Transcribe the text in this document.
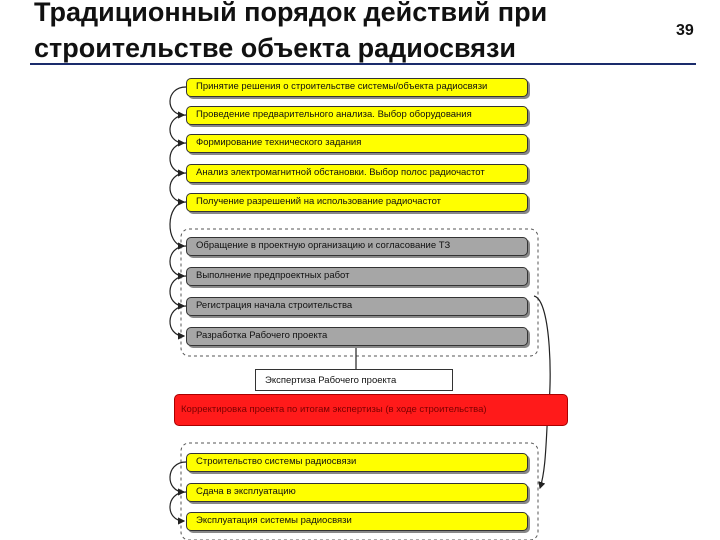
Традиционный порядок действий при
строительстве объекта радиосвязи
39
Принятие решения о строительстве системы/объекта радиосвязи
Проведение предварительного анализа. Выбор оборудования
Формирование технического задания
Анализ электромагнитной обстановки. Выбор полос радиочастот
Получение разрешений на использование радиочастот
Обращение в проектную организацию и согласование ТЗ
Выполнение предпроектных работ
Регистрация начала строительства
Разработка Рабочего проекта
Экспертиза Рабочего проекта
Корректировка проекта по итогам экспертизы (в ходе строительства)
Строительство системы радиосвязи
Сдача в эксплуатацию
Эксплуатация системы радиосвязи
